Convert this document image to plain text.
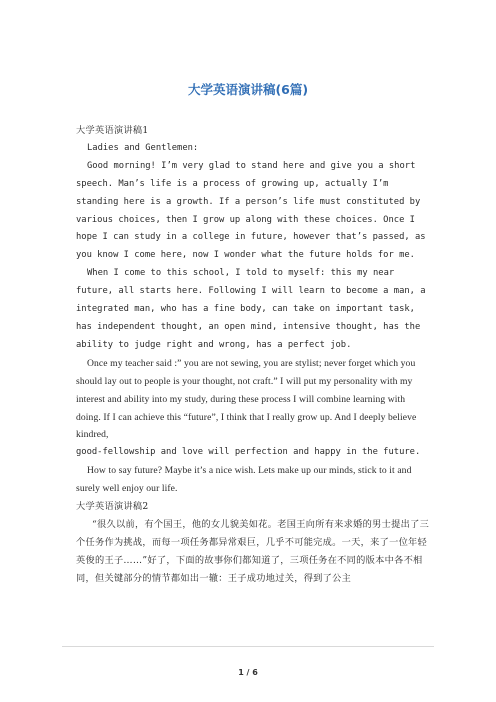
大学英语演讲稿(6篇)

大学英语演讲稿1

Ladies and Gentlemen:

Good morning! I’m very glad to stand here and give you a short speech. Man’s life is a process of growing up, actually I’m standing here is a growth. If a person’s life must constituted by various choices, then I grow up along with these choices. Once I hope I can study in a college in future, however that’s passed, as you know I come here, now I wonder what the future holds for me.

When I come to this school, I told to myself: this my near future, all starts here. Following I will learn to become a man, a integrated man, who has a fine body, can take on important task, has independent thought, an open mind, intensive thought, has the ability to judge right and wrong, has a perfect job.

Once my teacher said :” you are not sewing, you are stylist; never forget which you should lay out to people is your thought, not craft.” I will put my personality with my interest and ability into my study, during these process I will combine learning with doing. If I can achieve this “future”, I think that I really grow up. And I deeply believe kindred,

good-fellowship and love will perfection and happy in the future.

How to say future? Maybe it’s a nice wish. Lets make up our minds, stick to it and surely well enjoy our life.

大学英语演讲稿2

“很久以前，有个国王，他的女儿貌美如花。老国王向所有来求婚的男士提出了三个任务作为挑战，而每一项任务都异常艰巨，几乎不可能完成。一天，来了一位年轻英俊的王子……”好了，下面的故事你们都知道了，三项任务在不同的版本中各不相同，但关键部分的情节都如出一辙：王子成功地过关，得到了公主

1 / 6
